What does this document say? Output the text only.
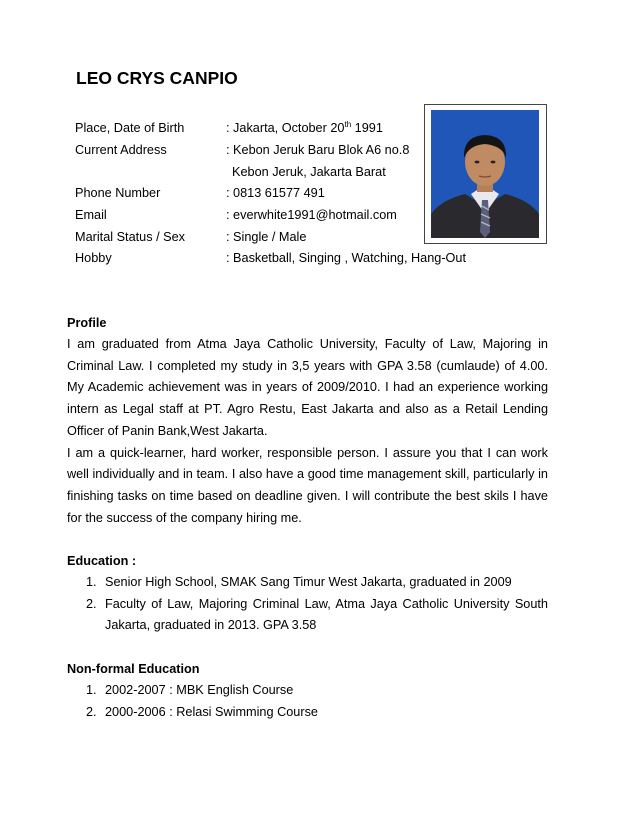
LEO CRYS CANPIO
Place, Date of Birth	: Jakarta, October 20th 1991
Current Address	: Kebon Jeruk Baru Blok A6 no.8
Kebon Jeruk, Jakarta Barat
Phone Number	: 0813 61577 491
Email	: everwhite1991@hotmail.com
Marital Status / Sex	: Single / Male
Hobby	: Basketball, Singing , Watching, Hang-Out
Profile
I am graduated from Atma Jaya Catholic University, Faculty of Law, Majoring in Criminal Law. I completed my study in 3,5 years with GPA 3.58 (cumlaude) of 4.00. My Academic achievement was in years of 2009/2010. I had an experience working intern as Legal staff at PT. Agro Restu, East Jakarta and also as a Retail Lending Officer of Panin Bank,West Jakarta.
I am a quick-learner, hard worker, responsible person. I assure you that I can work well individually and in team. I also have a good time management skill, particularly in finishing tasks on time based on deadline given. I will contribute the best skils I have for the success of the company hiring me.
Education :
1. Senior High School, SMAK Sang Timur West Jakarta, graduated in 2009
2. Faculty of Law, Majoring Criminal Law, Atma Jaya Catholic University South Jakarta, graduated in 2013. GPA 3.58
Non-formal Education
1. 2002-2007 : MBK English Course
2. 2000-2006 : Relasi Swimming Course
